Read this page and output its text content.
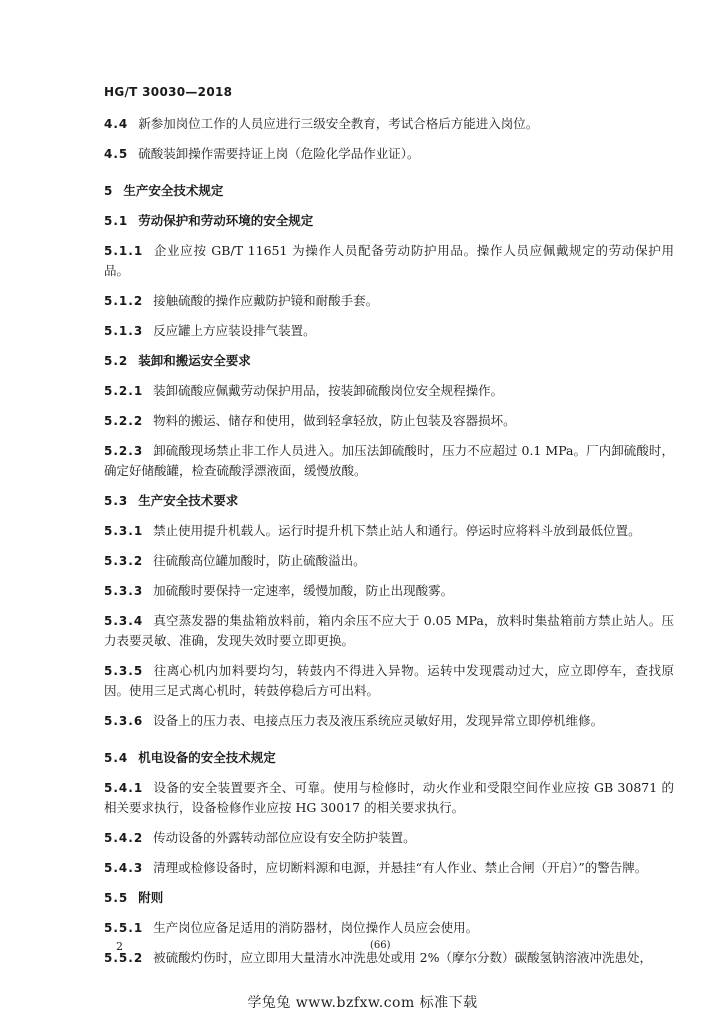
HG/T 30030—2018
4.4 新参加岗位工作的人员应进行三级安全教育，考试合格后方能进入岗位。
4.5 硫酸装卸操作需要持证上岗（危险化学品作业证）。
5 生产安全技术规定
5.1 劳动保护和劳动环境的安全规定
5.1.1 企业应按 GB/T 11651 为操作人员配备劳动防护用品。操作人员应佩戴规定的劳动保护用品。
5.1.2 接触硫酸的操作应戴防护镜和耐酸手套。
5.1.3 反应罐上方应装设排气装置。
5.2 装卸和搬运安全要求
5.2.1 装卸硫酸应佩戴劳动保护用品，按装卸硫酸岗位安全规程操作。
5.2.2 物料的搬运、储存和使用，做到轻拿轻放，防止包装及容器损坏。
5.2.3 卸硫酸现场禁止非工作人员进入。加压法卸硫酸时，压力不应超过 0.1 MPa。厂内卸硫酸时，确定好储酸罐，检查硫酸浮漂液面，缓慢放酸。
5.3 生产安全技术要求
5.3.1 禁止使用提升机载人。运行时提升机下禁止站人和通行。停运时应将料斗放到最低位置。
5.3.2 往硫酸高位罐加酸时，防止硫酸溢出。
5.3.3 加硫酸时要保持一定速率，缓慢加酸，防止出现酸雾。
5.3.4 真空蒸发器的集盐箱放料前，箱内余压不应大于 0.05 MPa，放料时集盐箱前方禁止站人。压力表要灵敏、准确，发现失效时要立即更换。
5.3.5 往离心机内加料要均匀，转鼓内不得进入异物。运转中发现震动过大，应立即停车，查找原因。使用三足式离心机时，转鼓停稳后方可出料。
5.3.6 设备上的压力表、电接点压力表及液压系统应灵敏好用，发现异常立即停机维修。
5.4 机电设备的安全技术规定
5.4.1 设备的安全装置要齐全、可靠。使用与检修时，动火作业和受限空间作业应按 GB 30871 的相关要求执行，设备检修作业应按 HG 30017 的相关要求执行。
5.4.2 传动设备的外露转动部位应设有安全防护装置。
5.4.3 清理或检修设备时，应切断料源和电源，并悬挂“有人作业、禁止合闸（开启）”的警告牌。
5.5 附则
5.5.1 生产岗位应备足适用的消防器材，岗位操作人员应会使用。
5.5.2 被硫酸灼伤时，应立即用大量清水冲洗患处或用 2%（摩尔分数）碳酸氢钠溶液冲洗患处，
2	(66)
学兔兔 www.bzfxw.com 标准下载
